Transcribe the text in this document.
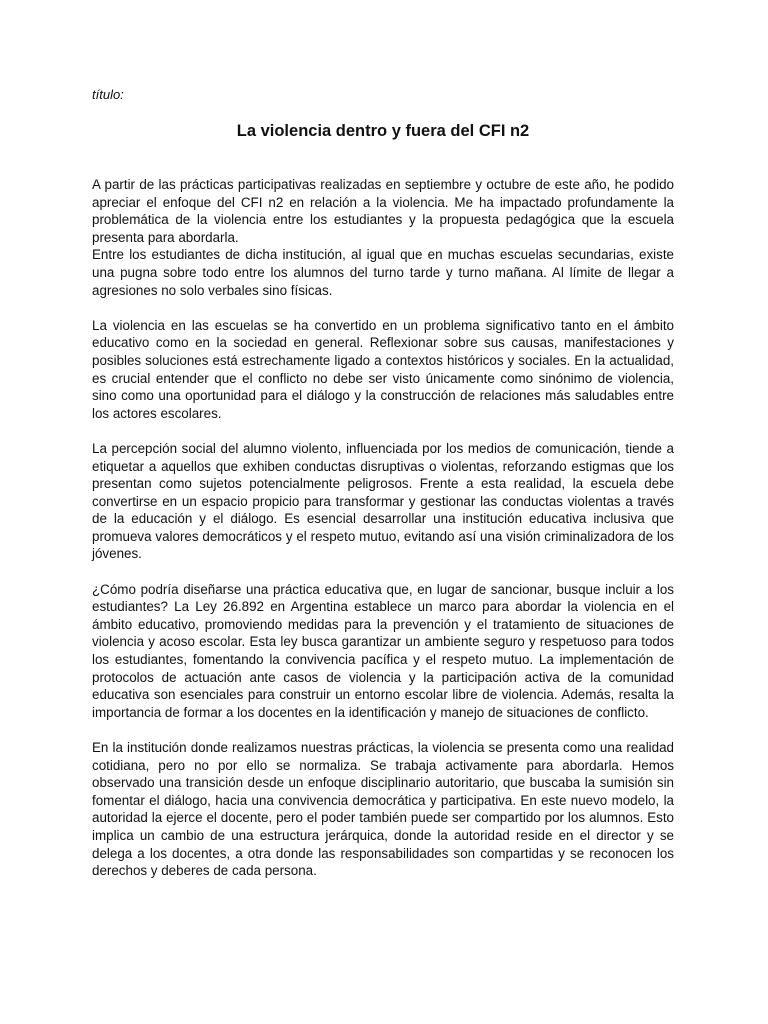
título:

La violencia dentro y fuera del CFI n2

A partir de las prácticas participativas realizadas en septiembre y octubre de este año, he podido apreciar el enfoque del CFI n2 en relación a la violencia. Me ha impactado profundamente la problemática de la violencia entre los estudiantes y la propuesta pedagógica que la escuela presenta para abordarla.

Entre los estudiantes de dicha institución, al igual que en muchas escuelas secundarias, existe una pugna sobre todo entre los alumnos del turno tarde y turno mañana. Al límite de llegar a agresiones no solo verbales sino físicas.

La violencia en las escuelas se ha convertido en un problema significativo tanto en el ámbito educativo como en la sociedad en general. Reflexionar sobre sus causas, manifestaciones y posibles soluciones está estrechamente ligado a contextos históricos y sociales. En la actualidad, es crucial entender que el conflicto no debe ser visto únicamente como sinónimo de violencia, sino como una oportunidad para el diálogo y la construcción de relaciones más saludables entre los actores escolares.

La percepción social del alumno violento, influenciada por los medios de comunicación, tiende a etiquetar a aquellos que exhiben conductas disruptivas o violentas, reforzando estigmas que los presentan como sujetos potencialmente peligrosos. Frente a esta realidad, la escuela debe convertirse en un espacio propicio para transformar y gestionar las conductas violentas a través de la educación y el diálogo. Es esencial desarrollar una institución educativa inclusiva que promueva valores democráticos y el respeto mutuo, evitando así una visión criminalizadora de los jóvenes.

¿Cómo podría diseñarse una práctica educativa que, en lugar de sancionar, busque incluir a los estudiantes? La Ley 26.892 en Argentina establece un marco para abordar la violencia en el ámbito educativo, promoviendo medidas para la prevención y el tratamiento de situaciones de violencia y acoso escolar. Esta ley busca garantizar un ambiente seguro y respetuoso para todos los estudiantes, fomentando la convivencia pacífica y el respeto mutuo. La implementación de protocolos de actuación ante casos de violencia y la participación activa de la comunidad educativa son esenciales para construir un entorno escolar libre de violencia. Además, resalta la importancia de formar a los docentes en la identificación y manejo de situaciones de conflicto.

En la institución donde realizamos nuestras prácticas, la violencia se presenta como una realidad cotidiana, pero no por ello se normaliza. Se trabaja activamente para abordarla. Hemos observado una transición desde un enfoque disciplinario autoritario, que buscaba la sumisión sin fomentar el diálogo, hacia una convivencia democrática y participativa. En este nuevo modelo, la autoridad la ejerce el docente, pero el poder también puede ser compartido por los alumnos. Esto implica un cambio de una estructura jerárquica, donde la autoridad reside en el director y se delega a los docentes, a otra donde las responsabilidades son compartidas y se reconocen los derechos y deberes de cada persona.
